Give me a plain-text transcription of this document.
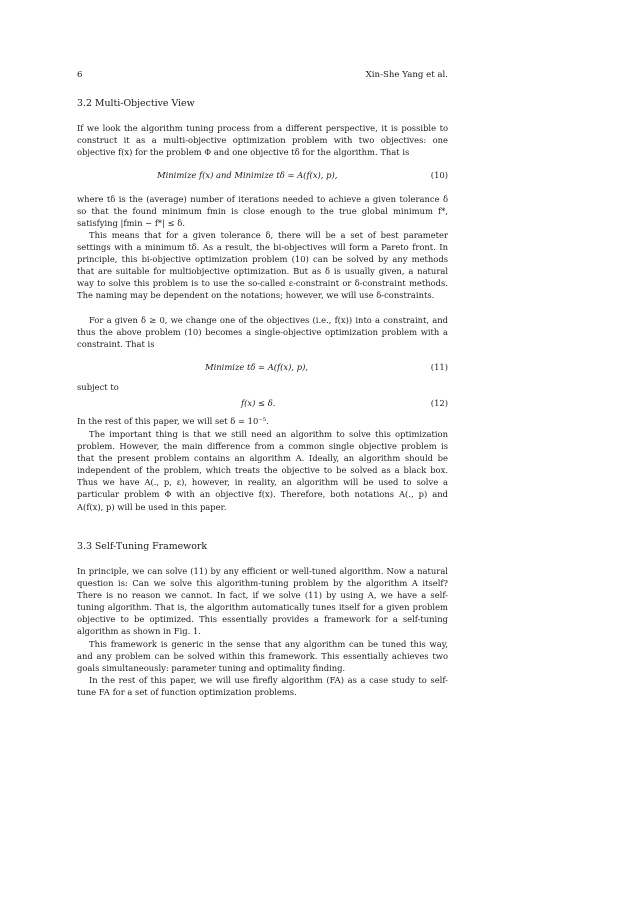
6	Xin-She Yang et al.
3.2 Multi-Objective View
If we look the algorithm tuning process from a different perspective, it is possible to construct it as a multi-objective optimization problem with two objectives: one objective f(x) for the problem Φ and one objective tδ for the algorithm. That is
Minimize f(x) and Minimize tδ = A(f(x), p),	(10)
where tδ is the (average) number of iterations needed to achieve a given tolerance δ so that the found minimum fmin is close enough to the true global minimum f*, satisfying |fmin − f*| ≤ δ.
This means that for a given tolerance δ, there will be a set of best parameter settings with a minimum tδ. As a result, the bi-objectives will form a Pareto front. In principle, this bi-objective optimization problem (10) can be solved by any methods that are suitable for multiobjective optimization. But as δ is usually given, a natural way to solve this problem is to use the so-called ε-constraint or δ-constraint methods. The naming may be dependent on the notations; however, we will use δ-constraints.
For a given δ ≥ 0, we change one of the objectives (i.e., f(x)) into a constraint, and thus the above problem (10) becomes a single-objective optimization problem with a constraint. That is
Minimize tδ = A(f(x), p),	(11)
subject to
f(x) ≤ δ.	(12)
In the rest of this paper, we will set δ = 10⁻⁵.
The important thing is that we still need an algorithm to solve this optimization problem. However, the main difference from a common single objective problem is that the present problem contains an algorithm A. Ideally, an algorithm should be independent of the problem, which treats the objective to be solved as a black box. Thus we have A(., p, ε), however, in reality, an algorithm will be used to solve a particular problem Φ with an objective f(x). Therefore, both notations A(., p) and A(f(x), p) will be used in this paper.
3.3 Self-Tuning Framework
In principle, we can solve (11) by any efficient or well-tuned algorithm. Now a natural question is: Can we solve this algorithm-tuning problem by the algorithm A itself? There is no reason we cannot. In fact, if we solve (11) by using A, we have a self-tuning algorithm. That is, the algorithm automatically tunes itself for a given problem objective to be optimized. This essentially provides a framework for a self-tuning algorithm as shown in Fig. 1.
This framework is generic in the sense that any algorithm can be tuned this way, and any problem can be solved within this framework. This essentially achieves two goals simultaneously: parameter tuning and optimality finding.
In the rest of this paper, we will use firefly algorithm (FA) as a case study to self-tune FA for a set of function optimization problems.
